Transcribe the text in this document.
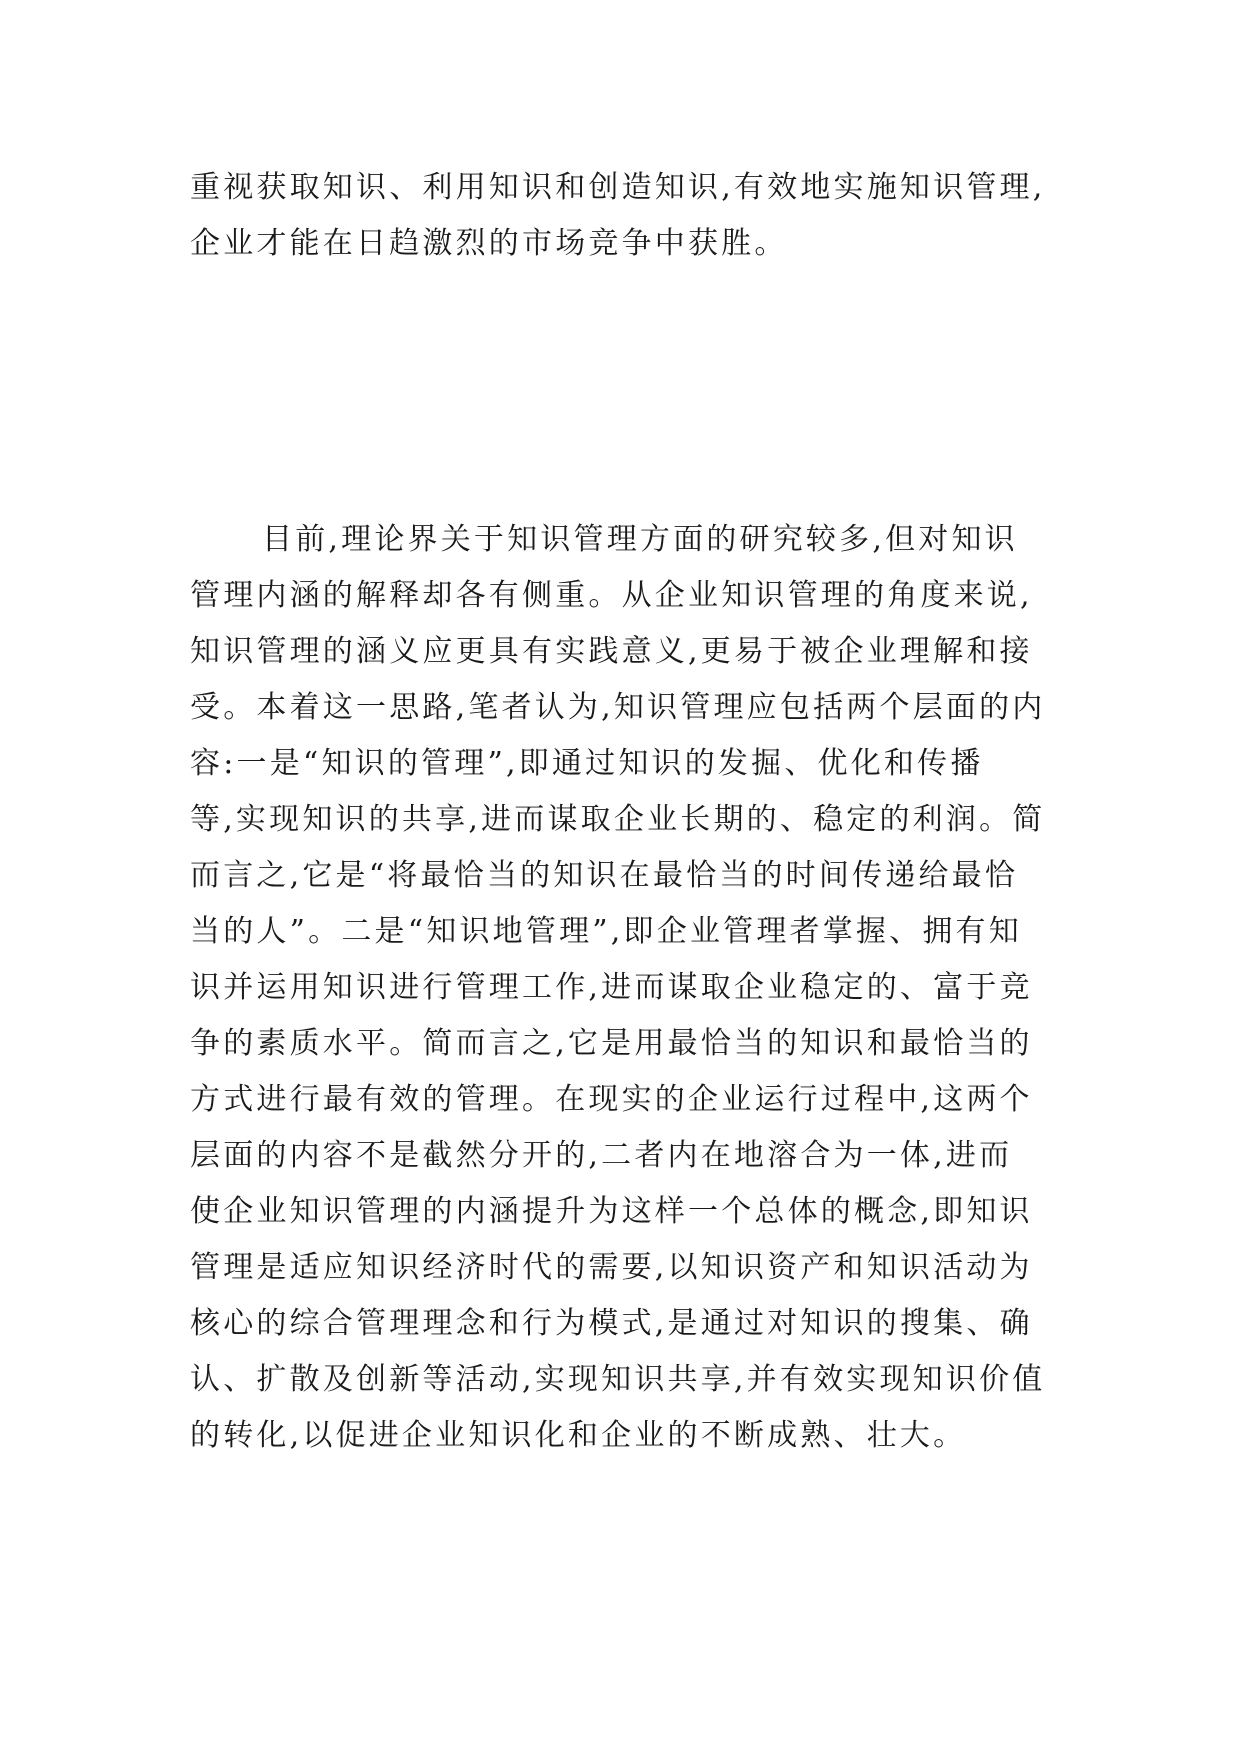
重视获取知识、利用知识和创造知识,有效地实施知识管理,
企业才能在日趋激烈的市场竞争中获胜。
目前,理论界关于知识管理方面的研究较多,但对知识
管理内涵的解释却各有侧重。从企业知识管理的角度来说,
知识管理的涵义应更具有实践意义,更易于被企业理解和接
受。本着这一思路,笔者认为,知识管理应包括两个层面的内
容:一是“知识的管理”,即通过知识的发掘、优化和传播
等,实现知识的共享,进而谋取企业长期的、稳定的利润。简
而言之,它是“将最恰当的知识在最恰当的时间传递给最恰
当的人”。二是“知识地管理”,即企业管理者掌握、拥有知
识并运用知识进行管理工作,进而谋取企业稳定的、富于竞
争的素质水平。简而言之,它是用最恰当的知识和最恰当的
方式进行最有效的管理。在现实的企业运行过程中,这两个
层面的内容不是截然分开的,二者内在地溶合为一体,进而
使企业知识管理的内涵提升为这样一个总体的概念,即知识
管理是适应知识经济时代的需要,以知识资产和知识活动为
核心的综合管理理念和行为模式,是通过对知识的搜集、确
认、扩散及创新等活动,实现知识共享,并有效实现知识价值
的转化,以促进企业知识化和企业的不断成熟、壮大。
